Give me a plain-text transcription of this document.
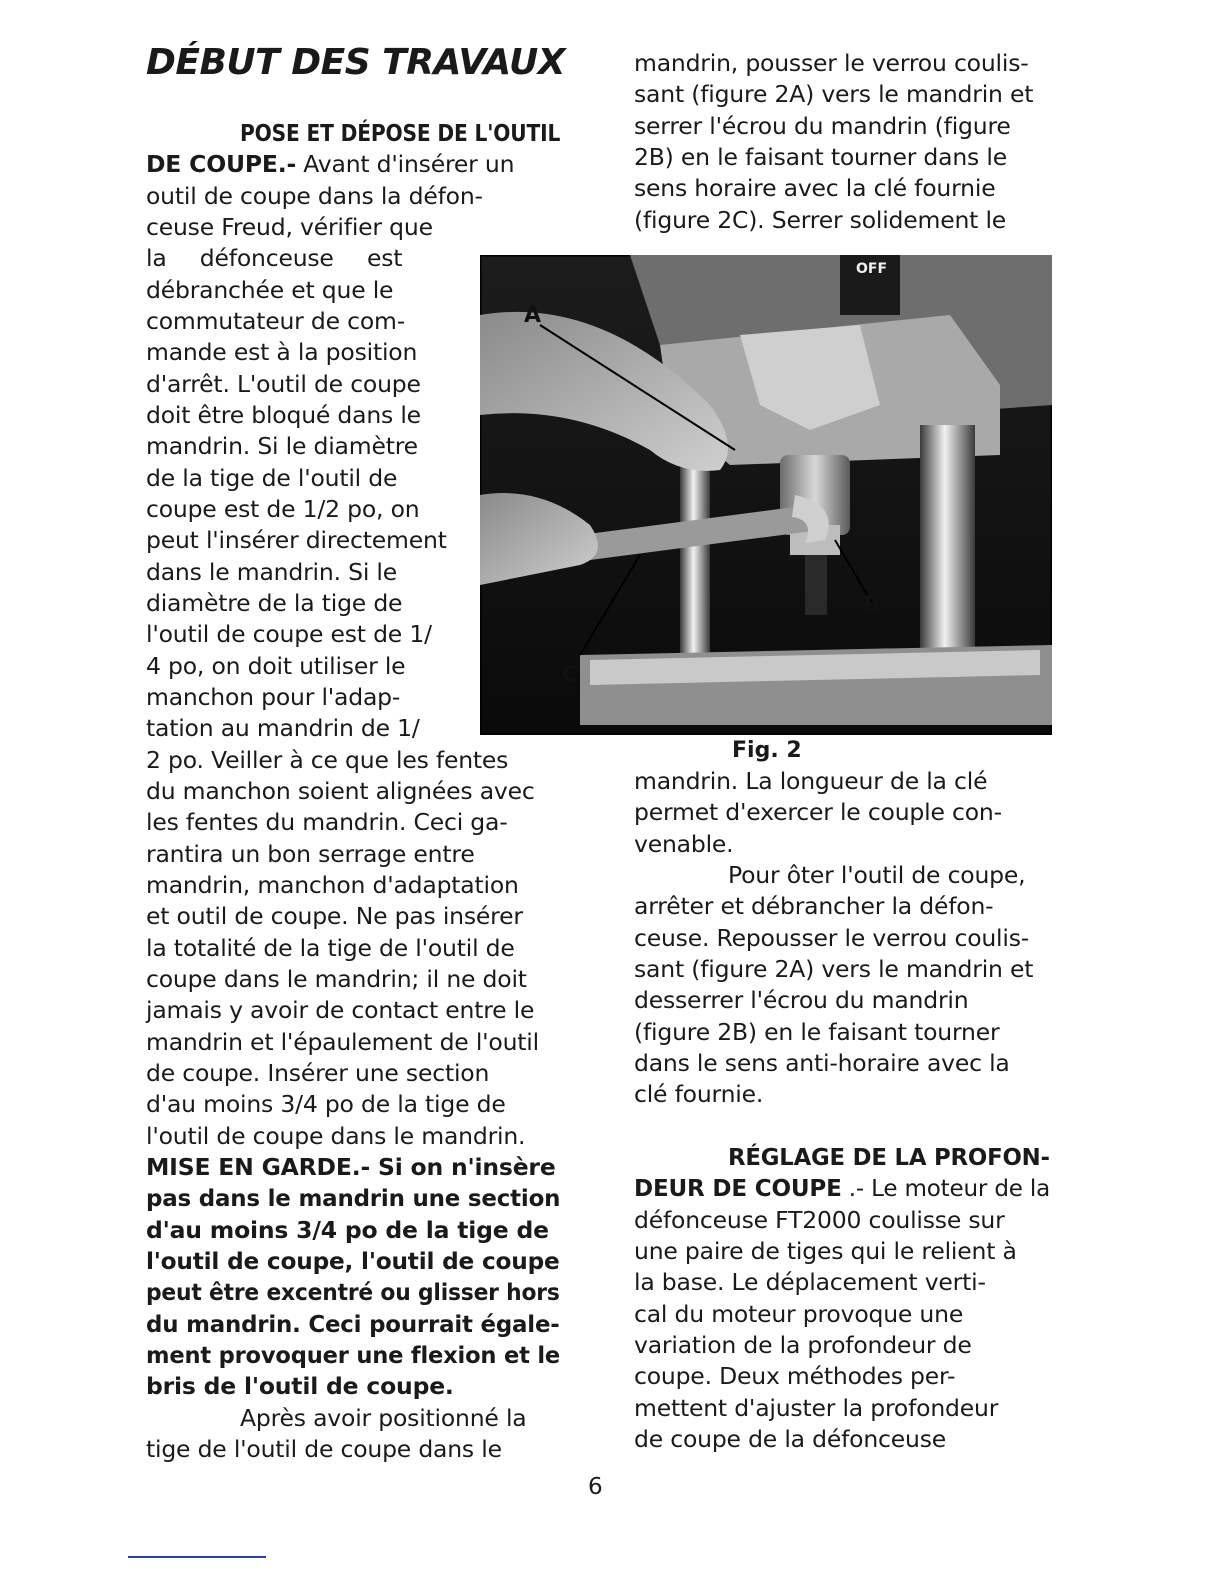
DÉBUT DES TRAVAUX
POSE ET DÉPOSE DE L'OUTIL
DE COUPE.- Avant d'insérer un
outil de coupe dans la défon-
ceuse Freud, vérifier que
la défonceuse est
débranchée et que le
commutateur de com-
mande est à la position
d'arrêt. L'outil de coupe
doit être bloqué dans le
mandrin. Si le diamètre
de la tige de l'outil de
coupe est de 1/2 po, on
peut l'insérer directement
dans le mandrin. Si le
diamètre de la tige de
l'outil de coupe est de 1/
4 po, on doit utiliser le
manchon pour l'adap-
tation au mandrin de 1/
2 po. Veiller à ce que les fentes
du manchon soient alignées avec
les fentes du mandrin. Ceci ga-
rantira un bon serrage entre
mandrin, manchon d'adaptation
et outil de coupe. Ne pas insérer
la totalité de la tige de l'outil de
coupe dans le mandrin; il ne doit
jamais y avoir de contact entre le
mandrin et l'épaulement de l'outil
de coupe. Insérer une section
d'au moins 3/4 po de la tige de
l'outil de coupe dans le mandrin.
MISE EN GARDE.- Si on n'insère
pas dans le mandrin une section
d'au moins 3/4 po de la tige de
l'outil de coupe, l'outil de coupe
peut être excentré ou glisser hors
du mandrin. Ceci pourrait égale-
ment provoquer une flexion et le
bris de l'outil de coupe.
Après avoir positionné la
tige de l'outil de coupe dans le
mandrin, pousser le verrou coulis-
sant (figure 2A) vers le mandrin et
serrer l'écrou du mandrin (figure
2B) en le faisant tourner dans le
sens horaire avec la clé fournie
(figure 2C). Serrer solidement le
OFF
A
B
C
Fig. 2
mandrin. La longueur de la clé
permet d'exercer le couple con-
venable.
Pour ôter l'outil de coupe,
arrêter et débrancher la défon-
ceuse. Repousser le verrou coulis-
sant (figure 2A) vers le mandrin et
desserrer l'écrou du mandrin
(figure 2B) en le faisant tourner
dans le sens anti-horaire avec la
clé fournie.
RÉGLAGE DE LA PROFON-
DEUR DE COUPE .- Le moteur de la
défonceuse FT2000 coulisse sur
une paire de tiges qui le relient à
la base. Le déplacement verti-
cal du moteur provoque une
variation de la profondeur de
coupe. Deux méthodes per-
mettent d'ajuster la profondeur
de coupe de la défonceuse
6
